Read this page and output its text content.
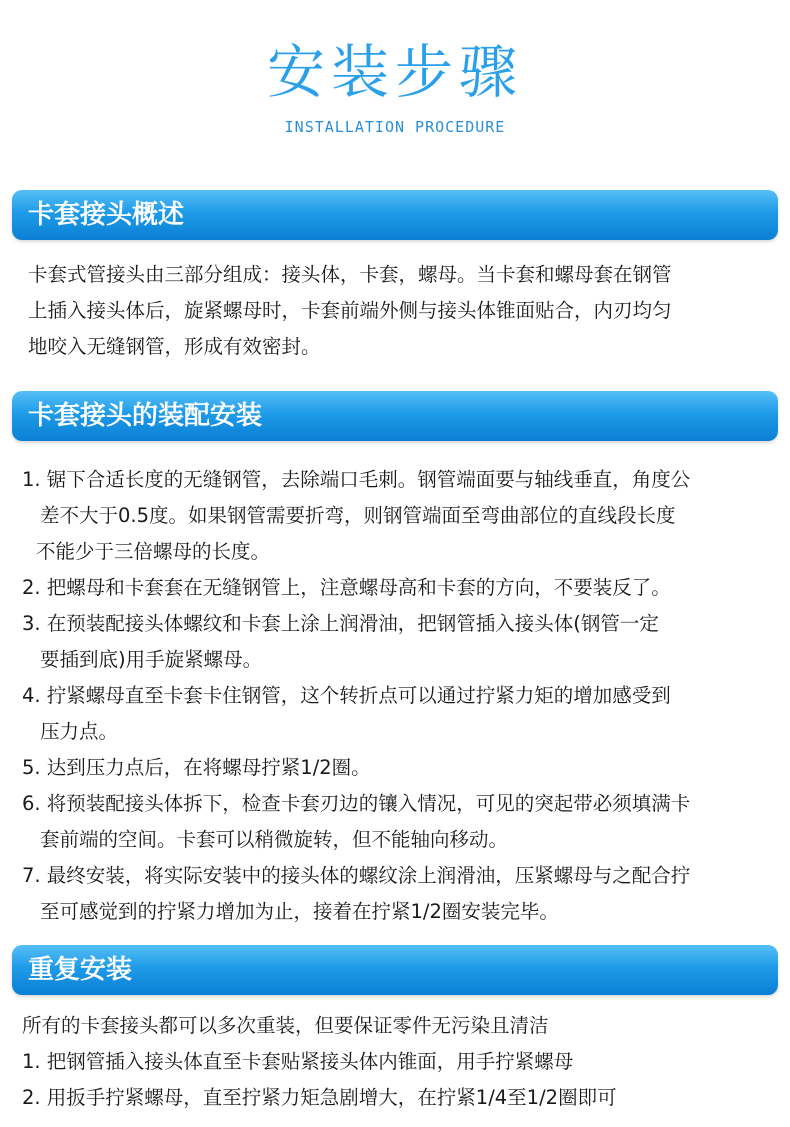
安装步骤
INSTALLATION PROCEDURE
卡套接头概述
卡套式管接头由三部分组成：接头体，卡套，螺母。当卡套和螺母套在钢管
上插入接头体后，旋紧螺母时，卡套前端外侧与接头体锥面贴合，内刃均匀
地咬入无缝钢管，形成有效密封。
卡套接头的装配安装
1. 锯下合适长度的无缝钢管，去除端口毛刺。钢管端面要与轴线垂直，角度公
差不大于0.5度。如果钢管需要折弯，则钢管端面至弯曲部位的直线段长度
不能少于三倍螺母的长度。
2. 把螺母和卡套套在无缝钢管上，注意螺母高和卡套的方向，不要装反了。
3. 在预装配接头体螺纹和卡套上涂上润滑油，把钢管插入接头体(钢管一定
要插到底)用手旋紧螺母。
4. 拧紧螺母直至卡套卡住钢管，这个转折点可以通过拧紧力矩的增加感受到
压力点。
5. 达到压力点后，在将螺母拧紧1/2圈。
6. 将预装配接头体拆下，检查卡套刃边的镶入情况，可见的突起带必须填满卡
套前端的空间。卡套可以稍微旋转，但不能轴向移动。
7. 最终安装，将实际安装中的接头体的螺纹涂上润滑油，压紧螺母与之配合拧
至可感觉到的拧紧力增加为止，接着在拧紧1/2圈安装完毕。
重复安装
所有的卡套接头都可以多次重装，但要保证零件无污染且清洁
1. 把钢管插入接头体直至卡套贴紧接头体内锥面，用手拧紧螺母
2. 用扳手拧紧螺母，直至拧紧力矩急剧增大，在拧紧1/4至1/2圈即可
